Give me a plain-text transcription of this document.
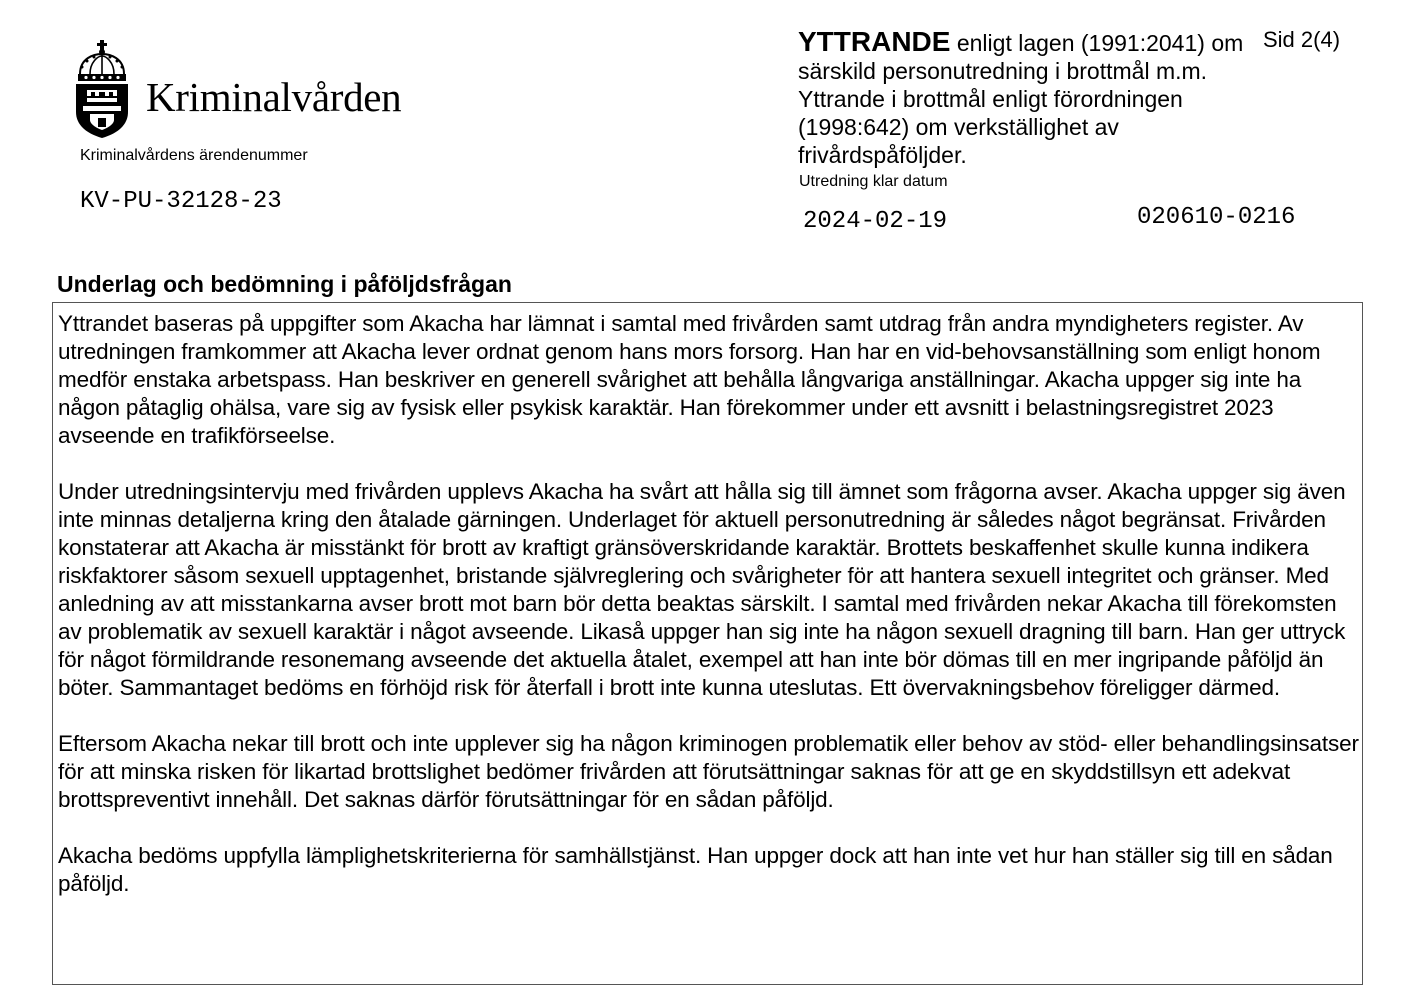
Kriminalvården
Kriminalvårdens ärendenummer
KV-PU-32128-23
YTTRANDE enligt lagen (1991:2041) om särskild personutredning i brottmål m.m. Yttrande i brottmål enligt förordningen (1998:642) om verkställighet av frivårdspåföljder.
Sid 2(4)
Utredning klar datum
2024-02-19	020610-0216
Underlag och bedömning i påföljdsfrågan

Yttrandet baseras på uppgifter som Akacha har lämnat i samtal med frivården samt utdrag från andra myndigheters register. Av utredningen framkommer att Akacha lever ordnat genom hans mors forsorg. Han har en vid-behovsanställning som enligt honom medför enstaka arbetspass. Han beskriver en generell svårighet att behålla långvariga anställningar. Akacha uppger sig inte ha någon påtaglig ohälsa, vare sig av fysisk eller psykisk karaktär. Han förekommer under ett avsnitt i belastningsregistret 2023 avseende en trafikförseelse.

Under utredningsintervju med frivården upplevs Akacha ha svårt att hålla sig till ämnet som frågorna avser. Akacha uppger sig även inte minnas detaljerna kring den åtalade gärningen. Underlaget för aktuell personutredning är således något begränsat. Frivården konstaterar att Akacha är misstänkt för brott av kraftigt gränsöverskridande karaktär. Brottets beskaffenhet skulle kunna indikera riskfaktorer såsom sexuell upptagenhet, bristande självreglering och svårigheter för att hantera sexuell integritet och gränser. Med anledning av att misstankarna avser brott mot barn bör detta beaktas särskilt. I samtal med frivården nekar Akacha till förekomsten av problematik av sexuell karaktär i något avseende. Likaså uppger han sig inte ha någon sexuell dragning till barn. Han ger uttryck för något förmildrande resonemang avseende det aktuella åtalet, exempel att han inte bör dömas till en mer ingripande påföljd än böter. Sammantaget bedöms en förhöjd risk för återfall i brott inte kunna uteslutas. Ett övervakningsbehov föreligger därmed.

Eftersom Akacha nekar till brott och inte upplever sig ha någon kriminogen problematik eller behov av stöd- eller behandlingsinsatser för att minska risken för likartad brottslighet bedömer frivården att förutsättningar saknas för att ge en skyddstillsyn ett adekvat brottspreventivt innehåll. Det saknas därför förutsättningar för en sådan påföljd.

Akacha bedöms uppfylla lämplighetskriterierna för samhällstjänst. Han uppger dock att han inte vet hur han ställer sig till en sådan påföljd.
